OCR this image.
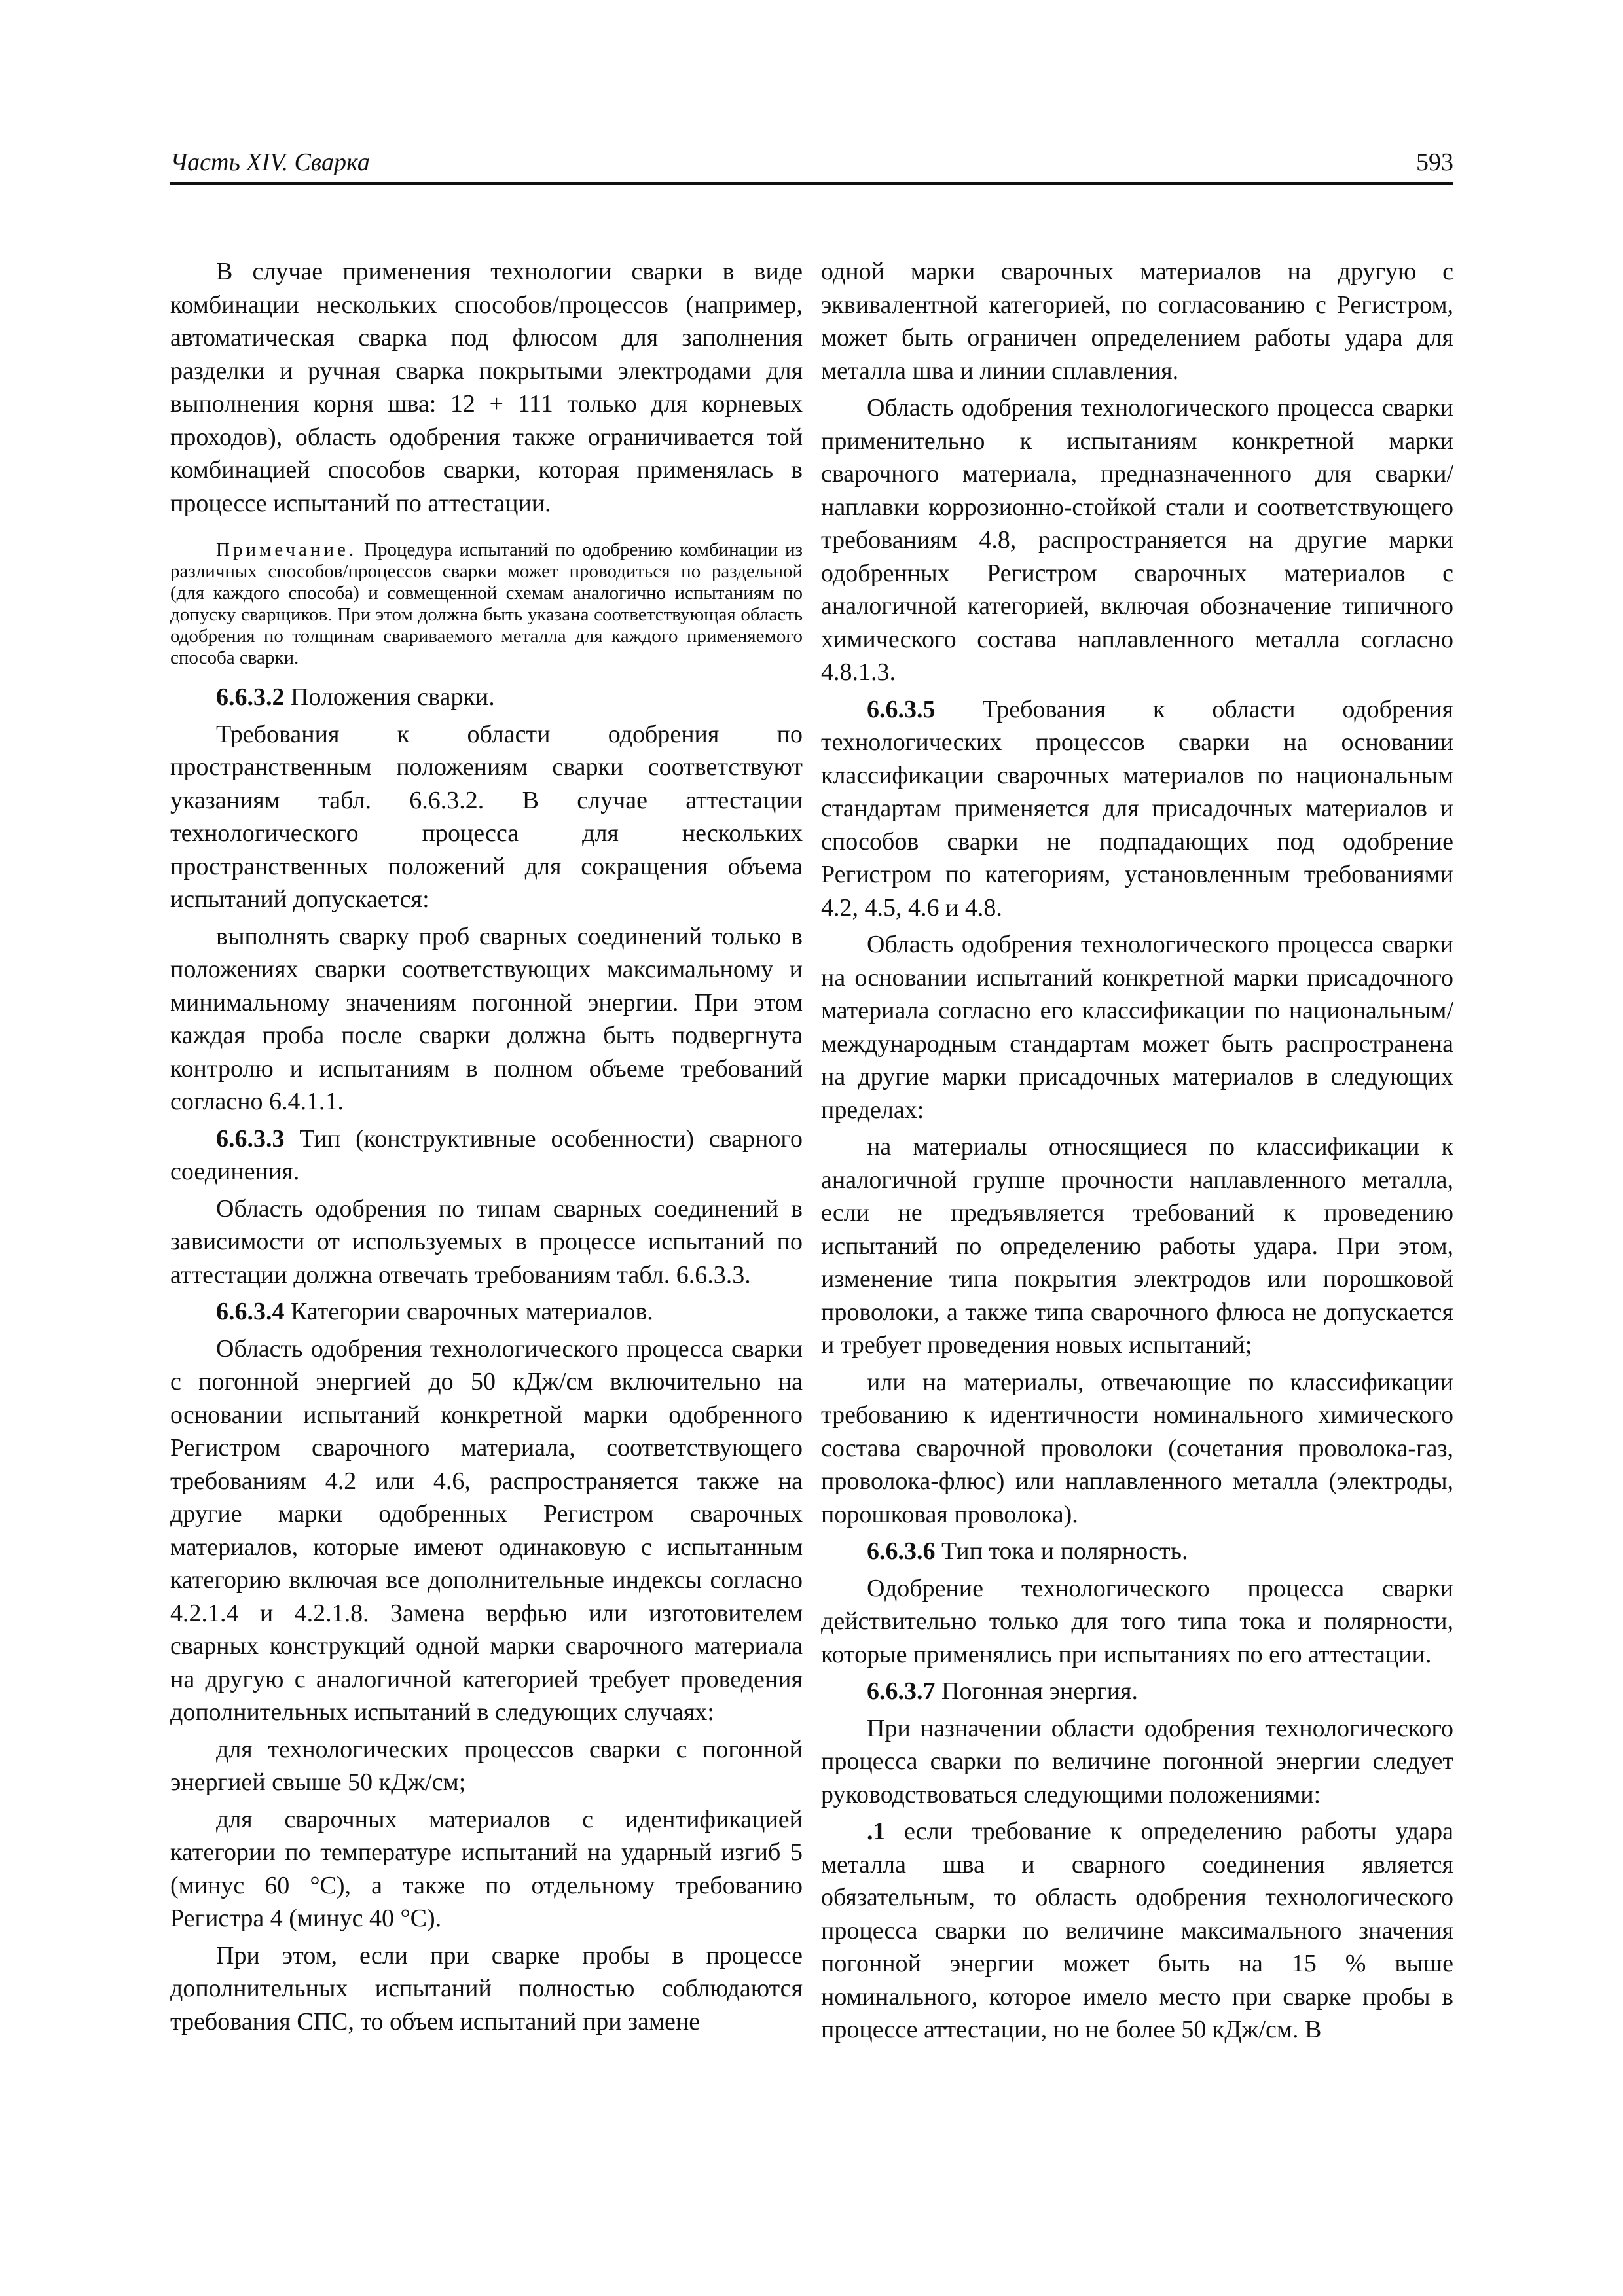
Часть XIV. Сварка	593

В случае применения технологии сварки в виде комбинации нескольких способов/процессов (например, автоматическая сварка под флюсом для заполнения разделки и ручная сварка покрытыми электродами для выполнения корня шва: 12 + 111 только для корневых проходов), область одобрения также ограничивается той комбинацией способов сварки, которая применялась в процессе испытаний по аттестации.

Примечание. Процедура испытаний по одобрению комбинации из различных способов/процессов сварки может проводиться по раздельной (для каждого способа) и совмещенной схемам аналогично испытаниям по допуску сварщиков. При этом должна быть указана соответствующая область одобрения по толщинам свариваемого металла для каждого применяемого способа сварки.

6.6.3.2 Положения сварки.

Требования к области одобрения по пространственным положениям сварки соответствуют указаниям табл. 6.6.3.2. В случае аттестации технологического процесса для нескольких пространственных положений для сокращения объема испытаний допускается:

выполнять сварку проб сварных соединений только в положениях сварки соответствующих максимальному и минимальному значениям погонной энергии. При этом каждая проба после сварки должна быть подвергнута контролю и испытаниям в полном объеме требований согласно 6.4.1.1.

6.6.3.3 Тип (конструктивные особенности) сварного соединения.

Область одобрения по типам сварных соединений в зависимости от используемых в процессе испытаний по аттестации должна отвечать требованиям табл. 6.6.3.3.

6.6.3.4 Категории сварочных материалов.

Область одобрения технологического процесса сварки с погонной энергией до 50 кДж/см включительно на основании испытаний конкретной марки одобренного Регистром сварочного материала, соответствующего требованиям 4.2 или 4.6, распространяется также на другие марки одобренных Регистром сварочных материалов, которые имеют одинаковую с испытанным категорию включая все дополнительные индексы согласно 4.2.1.4 и 4.2.1.8. Замена верфью или изготовителем сварных конструкций одной марки сварочного материала на другую с аналогичной категорией требует проведения дополнительных испытаний в следующих случаях:

для технологических процессов сварки с погонной энергией свыше 50 кДж/см;

для сварочных материалов с идентификацией категории по температуре испытаний на ударный изгиб 5 (минус 60 °С), а также по отдельному требованию Регистра 4 (минус 40 °С).

При этом, если при сварке пробы в процессе дополнительных испытаний полностью соблюдаются требования СПС, то объем испытаний при замене

одной марки сварочных материалов на другую с эквивалентной категорией, по согласованию с Регистром, может быть ограничен определением работы удара для металла шва и линии сплавления.

Область одобрения технологического процесса сварки применительно к испытаниям конкретной марки сварочного материала, предназначенного для сварки/наплавки коррозионно-стойкой стали и соответствующего требованиям 4.8, распространяется на другие марки одобренных Регистром сварочных материалов с аналогичной категорией, включая обозначение типичного химического состава наплавленного металла согласно 4.8.1.3.

6.6.3.5 Требования к области одобрения технологических процессов сварки на основании классификации сварочных материалов по национальным стандартам применяется для присадочных материалов и способов сварки не подпадающих под одобрение Регистром по категориям, установленным требованиями 4.2, 4.5, 4.6 и 4.8.

Область одобрения технологического процесса сварки на основании испытаний конкретной марки присадочного материала согласно его классификации по национальным/международным стандартам может быть распространена на другие марки присадочных материалов в следующих пределах:

на материалы относящиеся по классификации к аналогичной группе прочности наплавленного металла, если не предъявляется требований к проведению испытаний по определению работы удара. При этом, изменение типа покрытия электродов или порошковой проволоки, а также типа сварочного флюса не допускается и требует проведения новых испытаний;

или на материалы, отвечающие по классификации требованию к идентичности номинального химического состава сварочной проволоки (сочетания проволока-газ, проволока-флюс) или наплавленного металла (электроды, порошковая проволока).

6.6.3.6 Тип тока и полярность.

Одобрение технологического процесса сварки действительно только для того типа тока и полярности, которые применялись при испытаниях по его аттестации.

6.6.3.7 Погонная энергия.

При назначении области одобрения технологического процесса сварки по величине погонной энергии следует руководствоваться следующими положениями:

.1 если требование к определению работы удара металла шва и сварного соединения является обязательным, то область одобрения технологического процесса сварки по величине максимального значения погонной энергии может быть на 15 % выше номинального, которое имело место при сварке пробы в процессе аттестации, но не более 50 кДж/см. В
